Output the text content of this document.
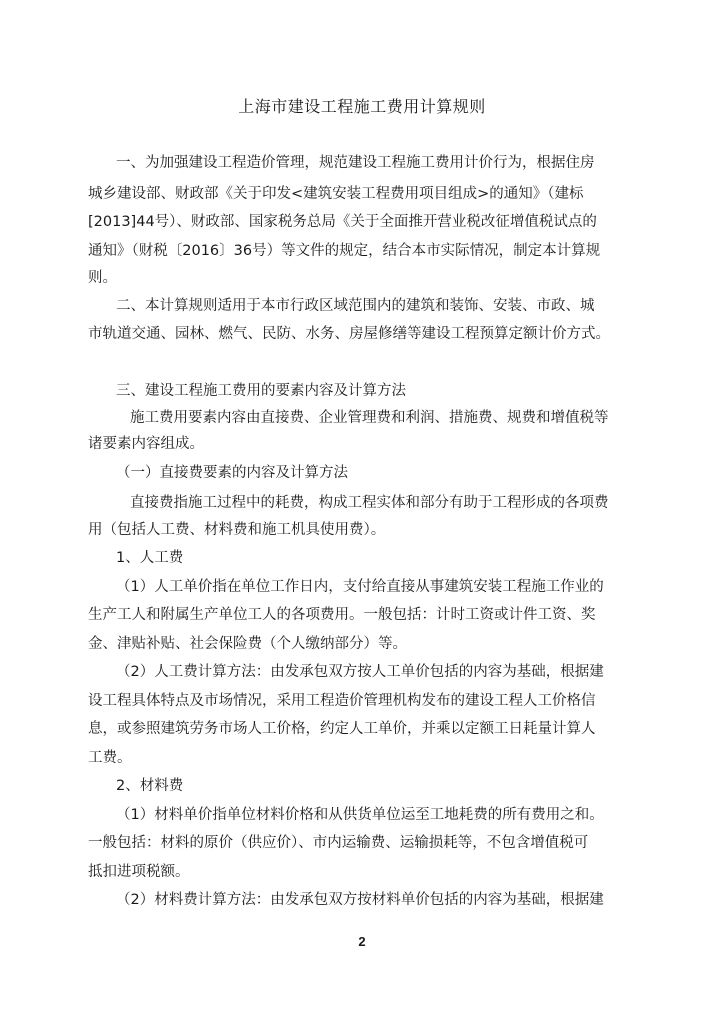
上海市建设工程施工费用计算规则
一、为加强建设工程造价管理，规范建设工程施工费用计价行为，根据住房
城乡建设部、财政部《关于印发<建筑安装工程费用项目组成>的通知》（建标
[2013]44号）、财政部、国家税务总局《关于全面推开营业税改征增值税试点的
通知》（财税〔2016〕36号）等文件的规定，结合本市实际情况，制定本计算规
则。
二、本计算规则适用于本市行政区域范围内的建筑和装饰、安装、市政、城
市轨道交通、园林、燃气、民防、水务、房屋修缮等建设工程预算定额计价方式。
三、建设工程施工费用的要素内容及计算方法
施工费用要素内容由直接费、企业管理费和利润、措施费、规费和增值税等
诸要素内容组成。
（一）直接费要素的内容及计算方法
直接费指施工过程中的耗费，构成工程实体和部分有助于工程形成的各项费
用（包括人工费、材料费和施工机具使用费）。
1、人工费
（1）人工单价指在单位工作日内，支付给直接从事建筑安装工程施工作业的
生产工人和附属生产单位工人的各项费用。一般包括：计时工资或计件工资、奖
金、津贴补贴、社会保险费（个人缴纳部分）等。
（2）人工费计算方法：由发承包双方按人工单价包括的内容为基础，根据建
设工程具体特点及市场情况，采用工程造价管理机构发布的建设工程人工价格信
息，或参照建筑劳务市场人工价格，约定人工单价，并乘以定额工日耗量计算人
工费。
2、材料费
（1）材料单价指单位材料价格和从供货单位运至工地耗费的所有费用之和。
一般包括：材料的原价（供应价）、市内运输费、运输损耗等，不包含增值税可
抵扣进项税额。
（2）材料费计算方法：由发承包双方按材料单价包括的内容为基础，根据建
2
